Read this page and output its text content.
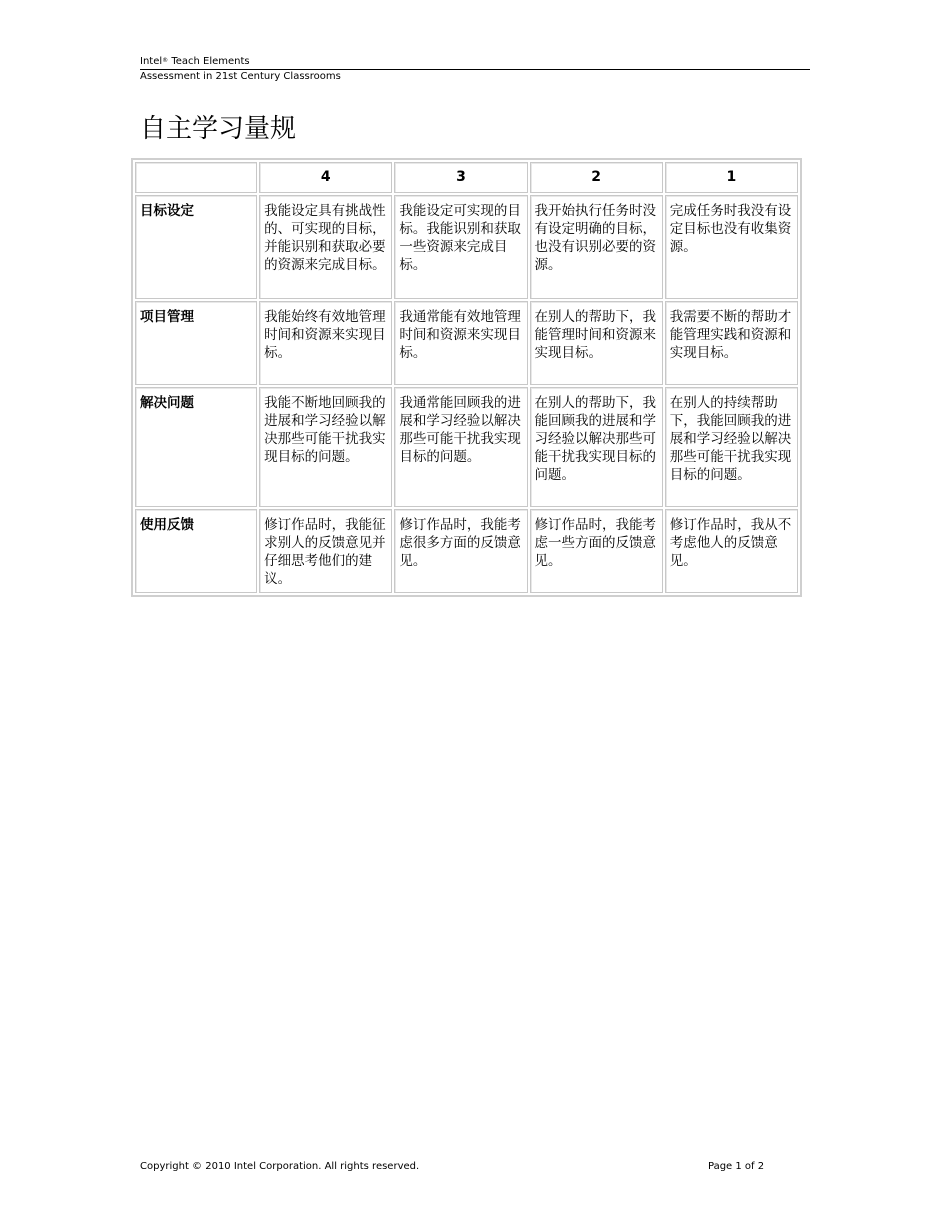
Intel® Teach Elements
Assessment in 21st Century Classrooms
自主学习量规
	4	3	2	1
目标设定	我能设定具有挑战性的、可实现的目标，并能识别和获取必要的资源来完成目标。	我能设定可实现的目标。我能识别和获取一些资源来完成目标。	我开始执行任务时没有设定明确的目标，也没有识别必要的资源。	完成任务时我没有设定目标也没有收集资源。
项目管理	我能始终有效地管理时间和资源来实现目标。	我通常能有效地管理时间和资源来实现目标。	在别人的帮助下，我能管理时间和资源来实现目标。	我需要不断的帮助才能管理实践和资源和实现目标。
解决问题	我能不断地回顾我的进展和学习经验以解决那些可能干扰我实现目标的问题。	我通常能回顾我的进展和学习经验以解决那些可能干扰我实现目标的问题。	在别人的帮助下，我能回顾我的进展和学习经验以解决那些可能干扰我实现目标的问题。	在别人的持续帮助下，我能回顾我的进展和学习经验以解决那些可能干扰我实现目标的问题。
使用反馈	修订作品时，我能征求别人的反馈意见并仔细思考他们的建议。	修订作品时，我能考虑很多方面的反馈意见。	修订作品时，我能考虑一些方面的反馈意见。	修订作品时，我从不考虑他人的反馈意见。
Copyright © 2010 Intel Corporation. All rights reserved.	Page 1 of 2
